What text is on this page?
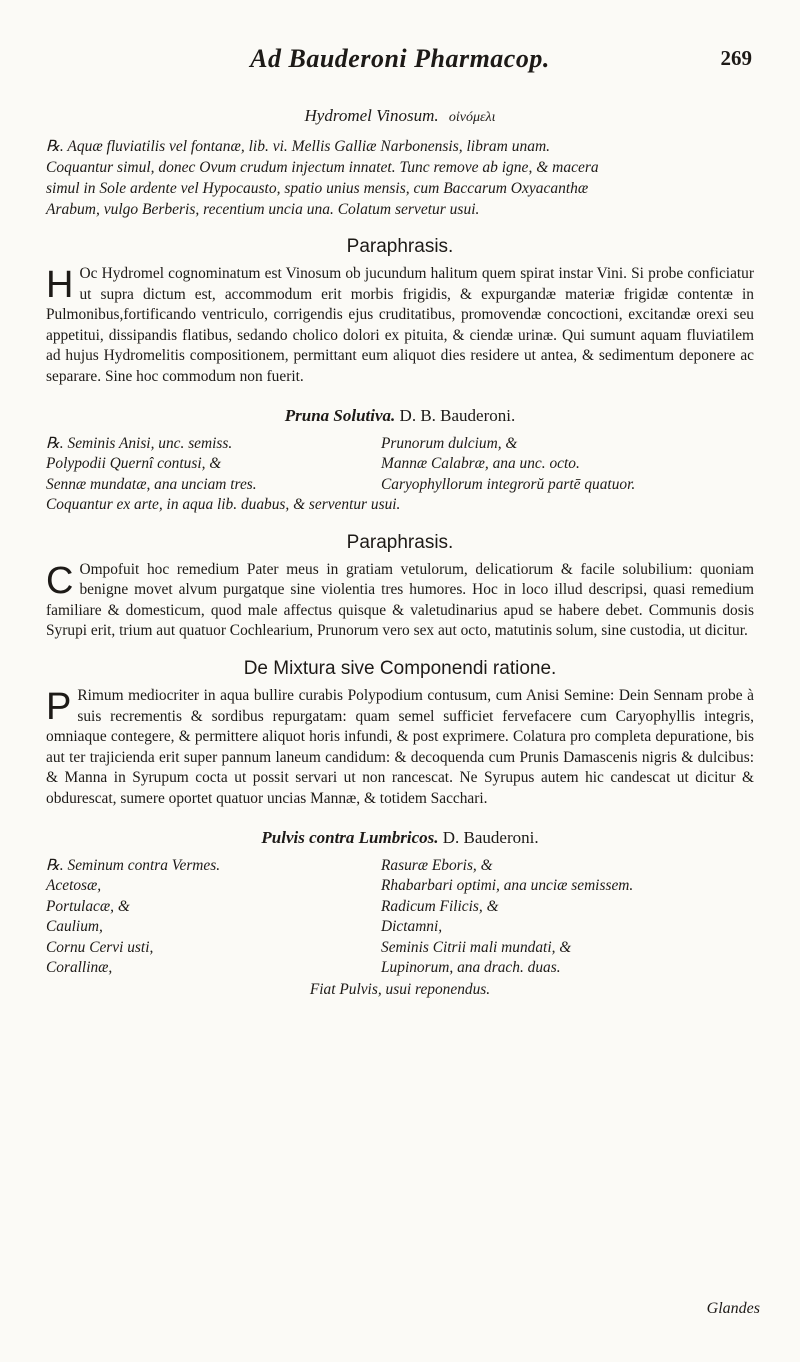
Ad Bauderoni Pharmacop.	269
Hydromel Vinosum. oἰνóμελι

℞. Aquæ fluviatilis vel fontanæ, lib. vi. Mellis Galliæ Narbonensis, libram unam.

Coquantur simul, donec Ovum crudum injectum innatet. Tunc remove ab igne, & macera

simul in Sole ardente vel Hypocausto, spatio unius mensis, cum Baccarum Oxyacanthæ

Arabum, vulgo Berberis, recentium uncia una. Colatum servetur usui.

Paraphrasis.

H Oc Hydromel cognominatum est Vinosum ob jucundum halitum quem spirat instar Vini. Si probe conficiatur ut supra dictum est, accommodum erit morbis frigidis, & expurgandæ materiæ frigidæ contentæ in Pulmonibus,fortificando ventriculo, corrigendis ejus cruditatibus, promovendæ concoctioni, excitandæ orexi seu appetitui, dissipandis flatibus, sedando cholico dolori ex pituita, & ciendæ urinæ. Qui sumunt aquam fluviatilem ad hujus Hydromelitis compositionem, permittant eum aliquot dies residere ut antea, & sedimentum deponere ac separare. Sine hoc commodum non fuerit.

Pruna Solutiva. D. B. Bauderoni.
℞. Seminis Anisi, unc. semiss.
Polypodii Quernî contusi, &
Sennæ mundatæ, ana unciam tres.
Prunorum dulcium, &
Mannæ Calabræ, ana unc. octo.
Caryophyllorum integrorŭ partē quatuor.
Coquantur ex arte, in aqua lib. duabus, & serventur usui.
Paraphrasis.

C Ompofuit hoc remedium Pater meus in gratiam vetulorum, delicatiorum & facile solubilium: quoniam benigne movet alvum purgatque sine violentia tres humores. Hoc in loco illud descripsi, quasi remedium familiare & domesticum, quod male affectus quisque & valetudinarius apud se habere debet. Communis dosis Syrupi erit, trium aut quatuor Cochlearium, Prunorum vero sex aut octo, matutinis solum, sine custodia, ut dicitur.

De Mixtura sive Componendi ratione.

P Rimum mediocriter in aqua bullire curabis Polypodium contusum, cum Anisi Semine: Dein Sennam probe à suis recrementis & sordibus repurgatam: quam semel sufficiet fervefacere cum Caryophyllis integris, omniaque contegere, & permittere aliquot horis infundi, & post exprimere. Colatura pro completa depuratione, bis aut ter trajicienda erit super pannum laneum candidum: & decoquenda cum Prunis Damascenis nigris & dulcibus: & Manna in Syrupum cocta ut possit servari ut non rancescat. Ne Syrupus autem hic candescat ut dicitur & obdurescat, sumere oportet quatuor uncias Mannæ, & totidem Sacchari.

Pulvis contra Lumbricos. D. Bauderoni.
℞. Seminum contra Vermes.
Acetosæ,
Portulacæ, &
Caulium,
Cornu Cervi usti,
Corallinæ,
Rasuræ Eboris, &
Rhabarbari optimi, ana unciæ semissem.
Radicum Filicis, &
Dictamni,
Seminis Citrii mali mundati, &
Lupinorum, ana drach. duas.
Fiat Pulvis, usui reponendus.
Glandes
